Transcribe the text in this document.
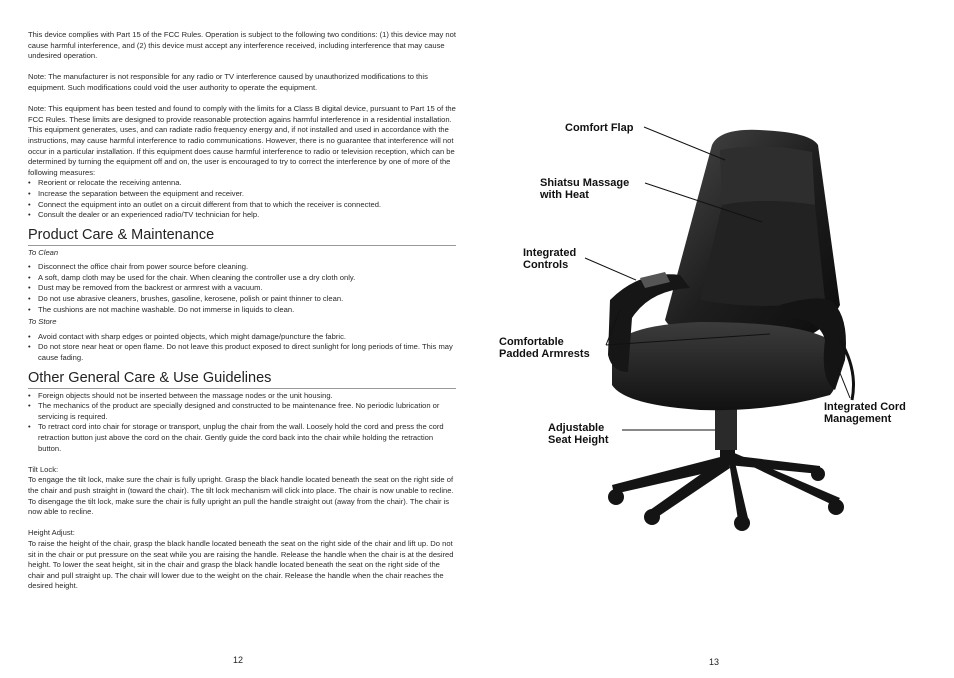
This device complies with Part 15 of the FCC Rules. Operation is subject to the following two conditions: (1) this device may not cause harmful interference, and (2) this device must accept any interference received, including interference that may cause undesired operation.

Note: The manufacturer is not responsible for any radio or TV interference caused by unauthorized modifications to this equipment. Such modifications could void the user authority to operate the equipment.

Note: This equipment has been tested and found to comply with the limits for a Class B digital device, pursuant to Part 15 of the FCC Rules. These limits are designed to provide reasonable protection agains harmful interference in a residential installation. This equipment generates, uses, and can radiate radio frequency energy and, if not installed and used in accordance with the instructions, may cause harmful interference to radio communications. However, there is no guarantee that interference will not occur in a particular installation. If this equipment does cause harmful interference to radio or television reception, which can be determined by turning the equipment off and on, the user is encouraged to try to correct the interference by one of more of the following measures:

• Reorient or relocate the receiving antenna.
• Increase the separation between the equipment and receiver.
• Connect the equipment into an outlet on a circuit different from that to which the receiver is connected.
• Consult the dealer or an experienced radio/TV technician for help.
Product Care & Maintenance

To Clean

• Disconnect the office chair from power source before cleaning.
• A soft, damp cloth may be used for the chair. When cleaning the controller use a dry cloth only.
• Dust may be removed from the backrest or armrest with a vacuum.
• Do not use abrasive cleaners, brushes, gasoline, kerosene, polish or paint thinner to clean.
• The cushions are not machine washable. Do not immerse in liquids to clean.

To Store

• Avoid contact with sharp edges or pointed objects, which might damage/puncture the fabric.
• Do not store near heat or open flame. Do not leave this product exposed to direct sunlight for long periods of time. This may cause fading.
Other General Care & Use Guidelines
• Foreign objects should not be inserted between the massage nodes or the unit housing.
• The mechanics of the product are specially designed and constructed to be maintenance free. No periodic lubrication or servicing is required.
• To retract cord into chair for storage or transport, unplug the chair from the wall. Loosely hold the cord and press the cord retraction button just above the cord on the chair. Gently guide the cord back into the chair while holding the retraction button.

Tilt Lock:

To engage the tilt lock, make sure the chair is fully upright. Grasp the black handle located beneath the seat on the right side of the chair and push straight in (toward the chair). The tilt lock mechanism will click into place. The chair is now unable to recline. To disengage the tilt lock, make sure the chair is fully upright an pull the handle straight out (away from the chair). The chair is now able to recline.

Height Adjust:

To raise the height of the chair, grasp the black handle located beneath the seat on the right side of the chair and lift up. Do not sit in the chair or put pressure on the seat while you are raising the handle. Release the handle when the chair is at the desired height. To lower the seat height, sit in the chair and grasp the black handle located beneath the seat on the right side of the chair and pull straight up. The chair will lower due to the weight on the chair. Release the handle when the chair reaches the desired height.

12	13
Comfort Flap
Shiatsu Massage
with Heat
Integrated
Controls
Comfortable
Padded Armrests
Adjustable
Seat Height
Integrated Cord
Management
